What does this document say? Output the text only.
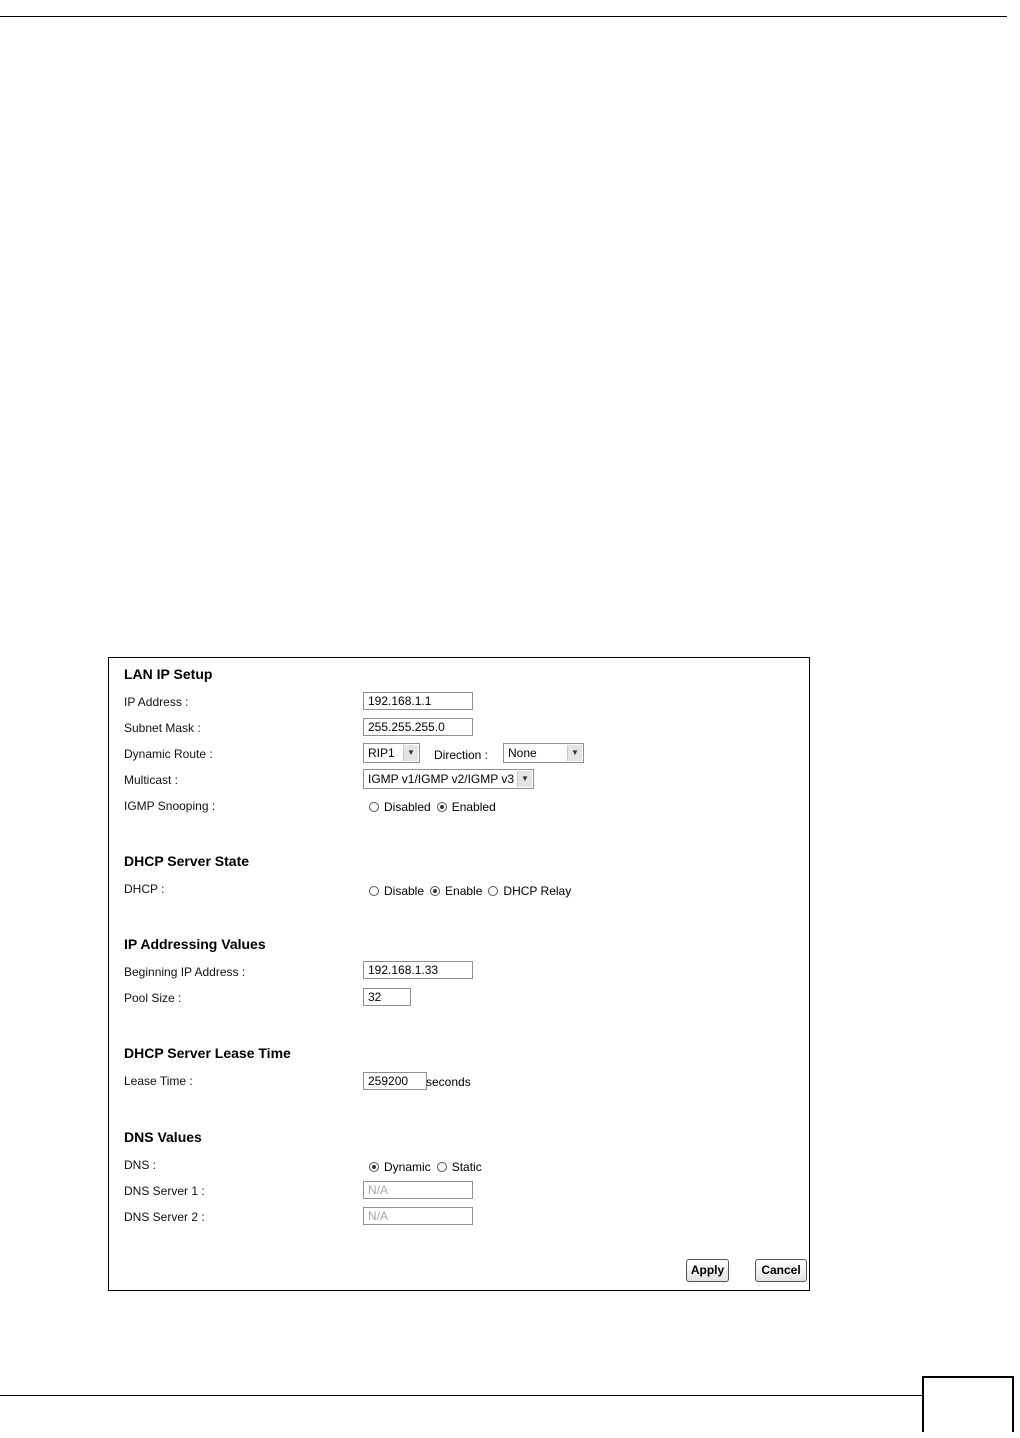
LAN IP Setup
IP Address :	192.168.1.1
Subnet Mask :	255.255.255.0
Dynamic Route :	RIP1	▼ Direction :	None	▼
Multicast :	IGMP v1/IGMP v2/IGMP v3 ▼
IGMP Snooping :	Disabled Enabled
DHCP Server State
DHCP :	Disable Enable DHCP Relay
IP Addressing Values
Beginning IP Address :	192.168.1.33
Pool Size :	32
DHCP Server Lease Time
Lease Time :	259200	seconds
DNS Values
DNS :	Dynamic Static
DNS Server 1 :	N/A
DNS Server 2 :	N/A
Apply	Cancel
